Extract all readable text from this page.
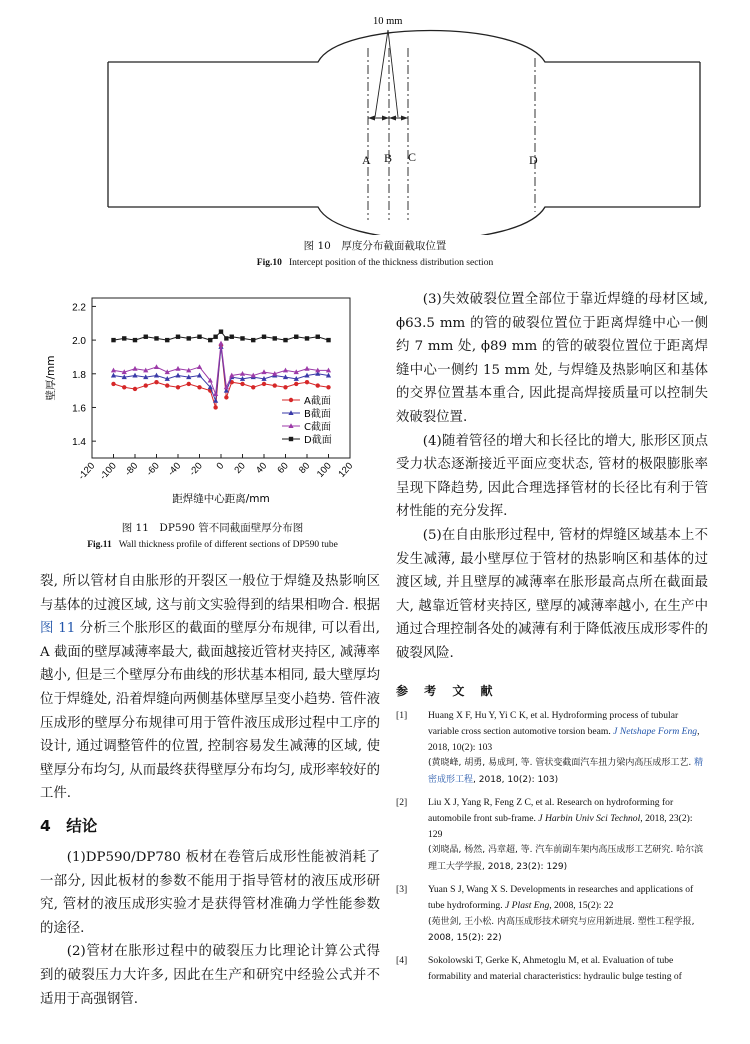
10 mm
A B C	D
图 10　厚度分布截面截取位置
Fig.10 Intercept position of the thickness distribution section
1.4
1.6
1.8
2.0
2.2
-120 -100 -80 -60 -40 -20 0 20 40 60 80 100 120
壁厚/mm
距焊缝中心距离/mm
A截面
B截面
C截面
D截面
图 11　DP590 管不同截面壁厚分布图
Fig.11 Wall thickness profile of different sections of DP590 tube

裂, 所以管材自由胀形的开裂区一般位于焊缝及热影响区与基体的过渡区域, 这与前文实验得到的结果相吻合. 根据图 11 分析三个胀形区的截面的壁厚分布规律, 可以看出, A 截面的壁厚减薄率最大, 截面越接近管材夹持区, 减薄率越小, 但是三个壁厚分布曲线的形状基本相同, 最大壁厚均位于焊缝处, 沿着焊缝向两侧基体壁厚呈变小趋势. 管件液压成形的壁厚分布规律可用于管件液压成形过程中工序的设计, 通过调整管件的位置, 控制容易发生减薄的区域, 使壁厚分布均匀, 从而最终获得壁厚分布均匀, 成形率较好的工件.

4　结论

(1)DP590/DP780 板材在卷管后成形性能被消耗了一部分, 因此板材的参数不能用于指导管材的液压成形研究, 管材的液压成形实验才是获得管材准确力学性能参数的途径.

(2)管材在胀形过程中的破裂压力比理论计算公式得到的破裂压力大许多, 因此在生产和研究中经验公式并不适用于高强钢管.

(3)失效破裂位置全部位于靠近焊缝的母材区域, ϕ63.5 mm 的管的破裂位置位于距离焊缝中心一侧约 7 mm 处, ϕ89 mm 的管的破裂位置位于距离焊缝中心一侧约 15 mm 处, 与焊缝及热影响区和基体的交界位置基本重合, 因此提高焊接质量可以控制失效破裂位置.

(4)随着管径的增大和长径比的增大, 胀形区顶点受力状态逐渐接近平面应变状态, 管材的极限膨胀率呈现下降趋势, 因此合理选择管材的长径比有利于管材性能的充分发挥.

(5)在自由胀形过程中, 管材的焊缝区域基本上不发生减薄, 最小壁厚位于管材的热影响区和基体的过渡区域, 并且壁厚的减薄率在胀形最高点所在截面最大, 越靠近管材夹持区, 壁厚的减薄率越小, 在生产中通过合理控制各处的减薄有利于降低液压成形零件的破裂风险.

参 考 文 献
[1] Huang X F, Hu Y, Yi C K, et al. Hydroforming process of tubular variable cross section automotive torsion beam. J Netshape Form Eng, 2018, 10(2): 103
(黄晓峰, 胡勇, 易成珂, 等. 管状变截面汽车扭力梁内高压成形工艺. 精密成形工程, 2018, 10(2): 103)
[2] Liu X J, Yang R, Feng Z C, et al. Research on hydroforming for automobile front sub-frame. J Harbin Univ Sci Technol, 2018, 23(2): 129
(刘晓晶, 杨然, 冯章超, 等. 汽车前副车架内高压成形工艺研究. 哈尔滨理工大学学报, 2018, 23(2): 129)
[3] Yuan S J, Wang X S. Developments in researches and applications of tube hydroforming. J Plast Eng, 2008, 15(2): 22
(苑世剑, 王小松. 内高压成形技术研究与应用新进展. 塑性工程学报, 2008, 15(2): 22)
[4] Sokolowski T, Gerke K, Ahmetoglu M, et al. Evaluation of tube formability and material characteristics: hydraulic bulge testing of
